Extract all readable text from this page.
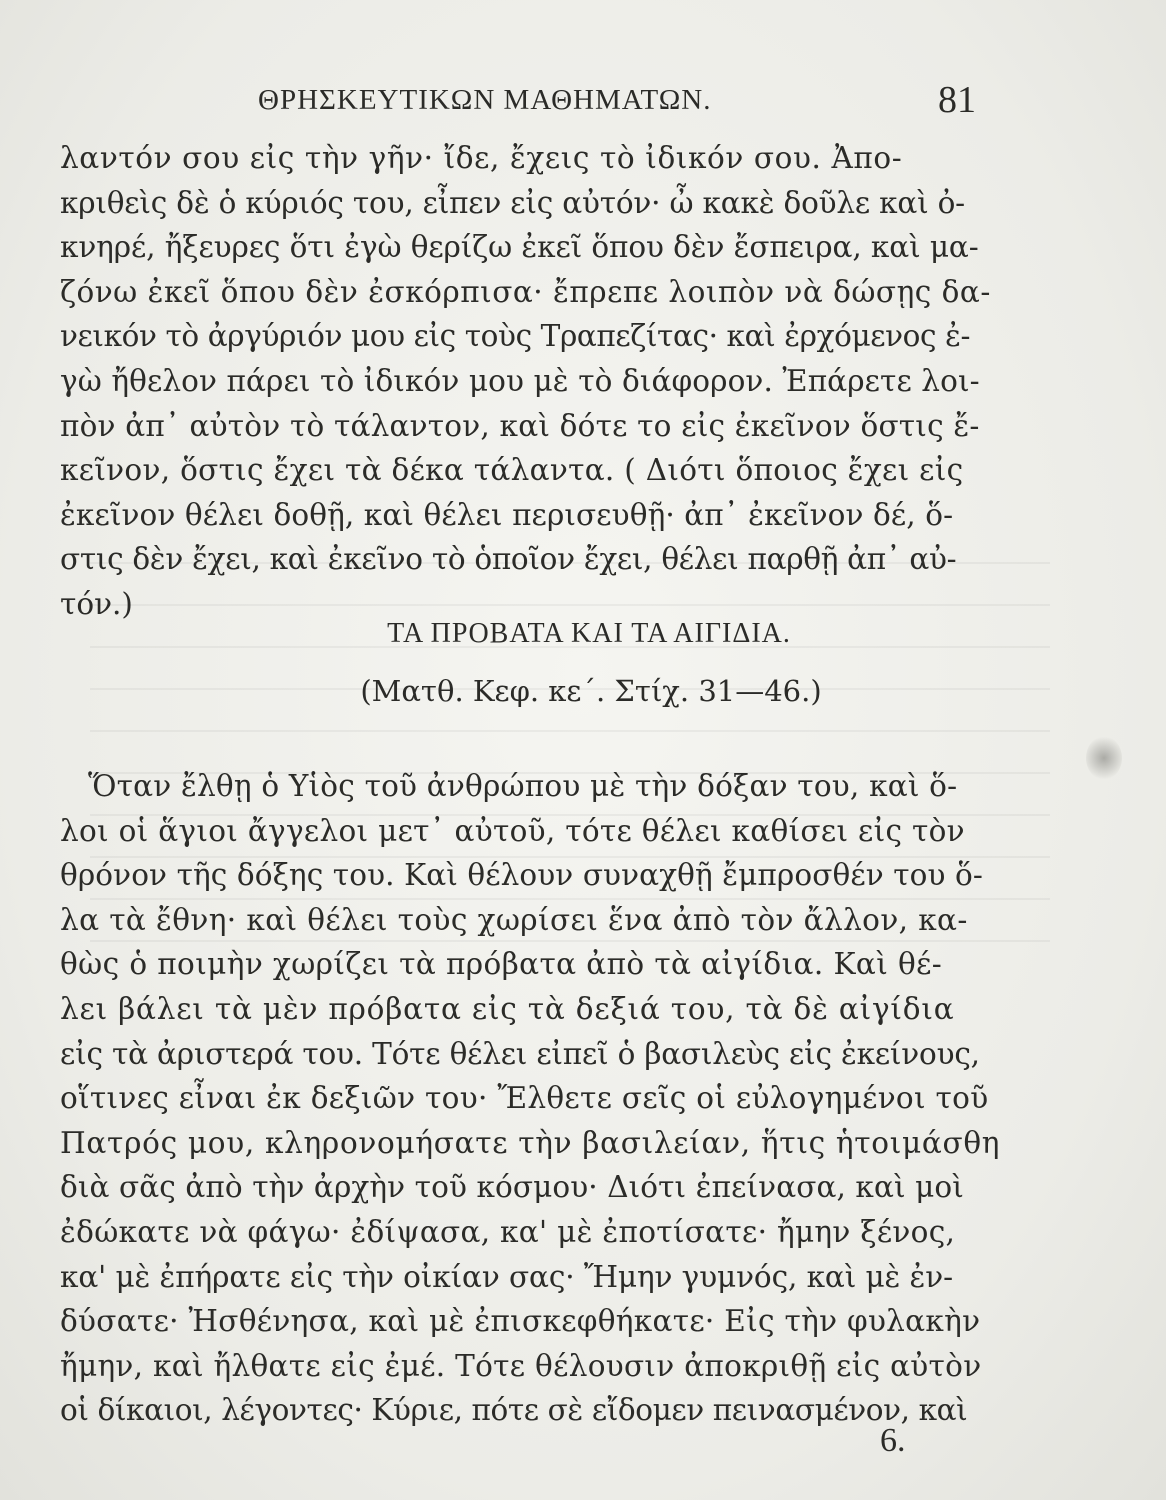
ΘΡΗΣΚΕΥΤΙΚΩΝ ΜΑΘΗΜΑΤΩΝ.	81
λαντόν σου εἰς τὴν γῆν· ἴδε, ἔχεις τὸ ἰδικόν σου. Ἀπο-
κριθεὶς δὲ ὁ κύριός του, εἶπεν εἰς αὐτόν· ὦ κακὲ δοῦλε καὶ ὀ-
κνηρέ, ἤξευρες ὅτι ἐγὼ θερίζω ἐκεῖ ὅπου δὲν ἔσπειρα, καὶ μα-
ζόνω ἐκεῖ ὅπου δὲν ἐσκόρπισα· ἔπρεπε λοιπὸν νὰ δώσῃς δα-
νεικόν τὸ ἀργύριόν μου εἰς τοὺς Τραπεζίτας· καὶ ἐρχόμενος ἐ-
γὼ ἤθελον πάρει τὸ ἰδικόν μου μὲ τὸ διάφορον. Ἐπάρετε λοι-
πὸν ἀπ᾽ αὐτὸν τὸ τάλαντον, καὶ δότε το εἰς ἐκεῖνον ὅστις ἔ-
κεῖνον, ὅστις ἔχει τὰ δέκα τάλαντα. ( Διότι ὅποιος ἔχει εἰς
ἐκεῖνον θέλει δοθῇ, καὶ θέλει περισευθῇ· ἀπ᾽ ἐκεῖνον δέ, ὅ-
στις δὲν ἔχει, καὶ ἐκεῖνο τὸ ὁποῖον ἔχει, θέλει παρθῇ ἀπ᾽ αὐ-
τόν.)
ΤΑ ΠΡΟΒΑΤΑ ΚΑΙ ΤΑ ΑΙΓΙΔΙΑ.
(Ματθ. Κεφ. κε΄. Στίχ. 31—46.)
Ὅταν ἔλθῃ ὁ Υἱὸς τοῦ ἀνθρώπου μὲ τὴν δόξαν του, καὶ ὅ-
λοι οἱ ἅγιοι ἄγγελοι μετ᾽ αὐτοῦ, τότε θέλει καθίσει εἰς τὸν
θρόνον τῆς δόξης του. Καὶ θέλουν συναχθῇ ἔμπροσθέν του ὅ-
λα τὰ ἔθνη· καὶ θέλει τοὺς χωρίσει ἕνα ἀπὸ τὸν ἄλλον, κα-
θὼς ὁ ποιμὴν χωρίζει τὰ πρόβατα ἀπὸ τὰ αἰγίδια. Καὶ θέ-
λει βάλει τὰ μὲν πρόβατα εἰς τὰ δεξιά του, τὰ δὲ αἰγίδια
εἰς τὰ ἀριστερά του. Τότε θέλει εἰπεῖ ὁ βασιλεὺς εἰς ἐκείνους,
οἵτινες εἶναι ἐκ δεξιῶν του· Ἔλθετε σεῖς οἱ εὐλογημένοι τοῦ
Πατρός μου, κληρονομήσατε τὴν βασιλείαν, ἥτις ἡτοιμάσθη
διὰ σᾶς ἀπὸ τὴν ἀρχὴν τοῦ κόσμου· Διότι ἐπείνασα, καὶ μοὶ
ἐδώκατε νὰ φάγω· ἐδίψασα, κα' μὲ ἐποτίσατε· ἤμην ξένος,
κα' μὲ ἐπήρατε εἰς τὴν οἰκίαν σας· Ἤμην γυμνός, καὶ μὲ ἐν-
δύσατε· Ἠσθένησα, καὶ μὲ ἐπισκεφθήκατε· Εἰς τὴν φυλακὴν
ἤμην, καὶ ἤλθατε εἰς ἐμέ. Τότε θέλουσιν ἀποκριθῇ εἰς αὐτὸν
οἱ δίκαιοι, λέγοντες· Κύριε, πότε σὲ εἴδομεν πεινασμένον, καὶ
6.
